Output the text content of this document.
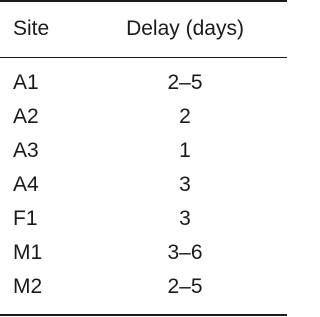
Site	Delay (days)
A1	2–5
A2	2
A3	1
A4	3
F1	3
M1	3–6
M2	2–5
